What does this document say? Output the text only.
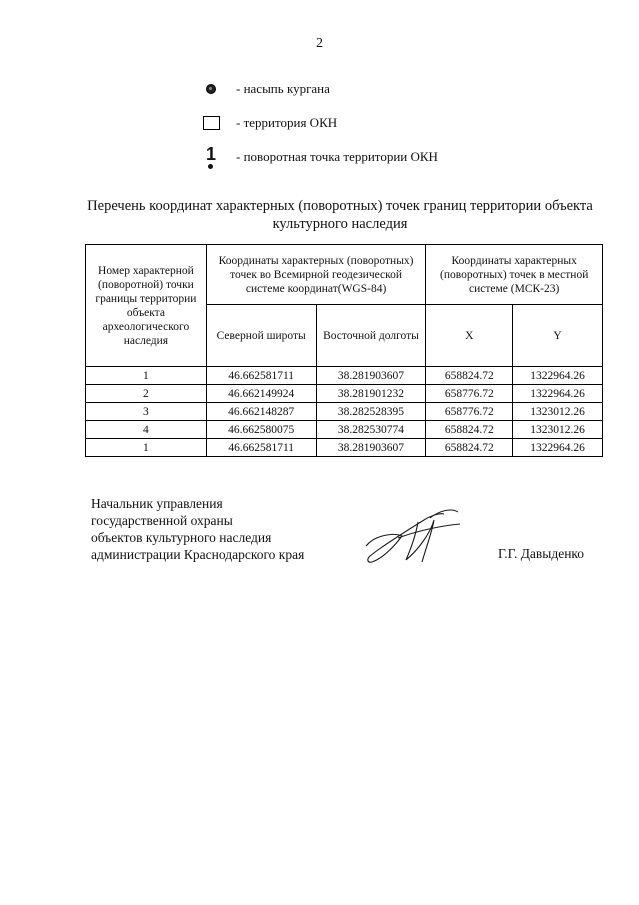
2
- насыпь кургана
- территория ОКН
1 - поворотная точка территории ОКН
Перечень координат характерных (поворотных) точек границ территории объекта культурного наследия
Номер характерной (поворотной) точки границы территории объекта археологического наследия	Координаты характерных (поворотных) точек во Всемирной геодезической системе координат(WGS-84)		Координаты характерных (поворотных) точек в местной системе (МСК-23)	
	Северной широты	Восточной долготы	X	Y
1	46.662581711	38.281903607	658824.72	1322964.26
2	46.662149924	38.281901232	658776.72	1322964.26
3	46.662148287	38.282528395	658776.72	1323012.26
4	46.662580075	38.282530774	658824.72	1323012.26
1	46.662581711	38.281903607	658824.72	1322964.26
Начальник управления
государственной охраны
объектов культурного наследия
администрации Краснодарского края	Г.Г. Давыденко
